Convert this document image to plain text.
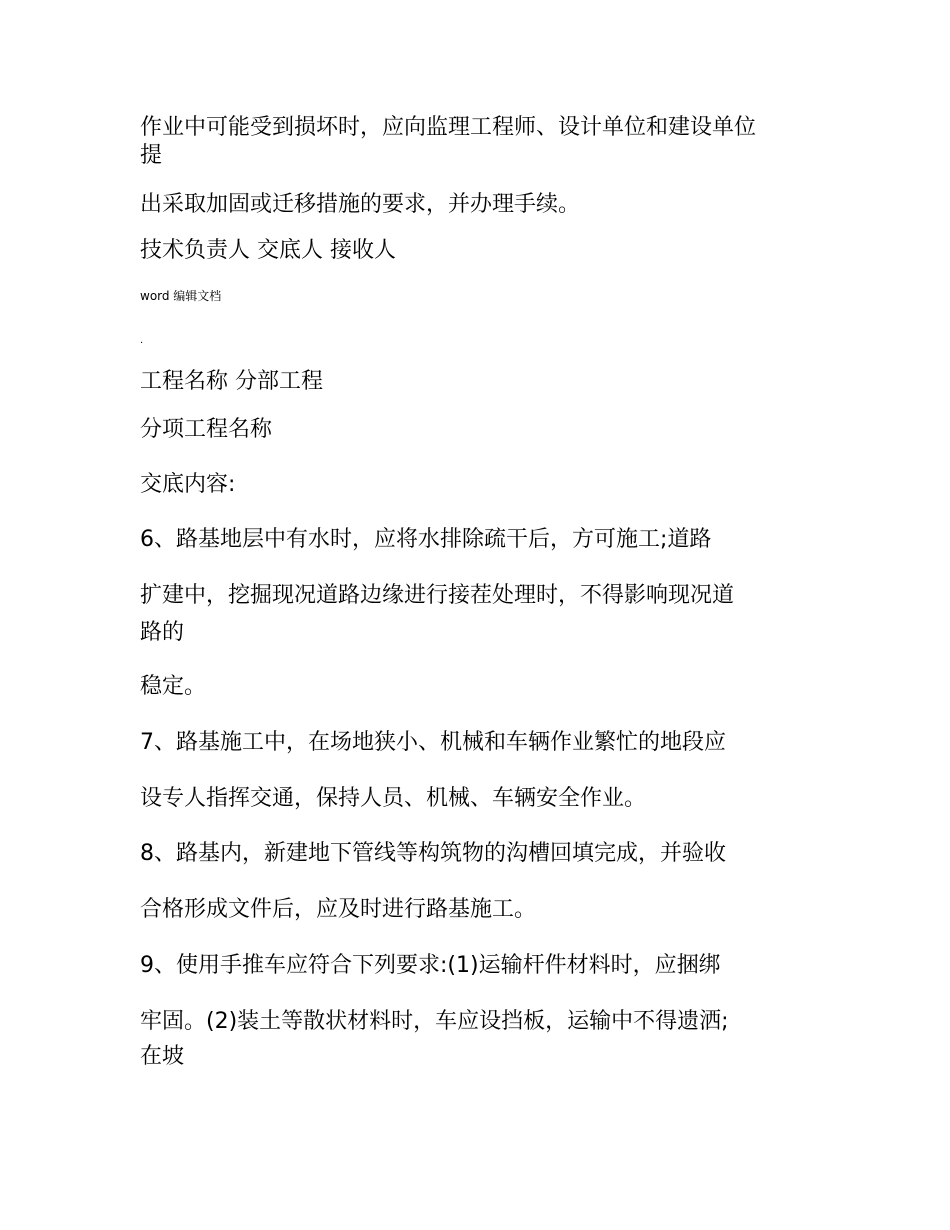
作业中可能受到损坏时，应向监理工程师、设计单位和建设单位
提
出采取加固或迁移措施的要求，并办理手续。
技术负责人 交底人 接收人
word 编辑文档
.
工程名称 分部工程
分项工程名称
交底内容:
6、路基地层中有水时，应将水排除疏干后，方可施工;道路
扩建中，挖掘现况道路边缘进行接茬处理时，不得影响现况道
路的
稳定。
7、路基施工中，在场地狭小、机械和车辆作业繁忙的地段应
设专人指挥交通，保持人员、机械、车辆安全作业。
8、路基内，新建地下管线等构筑物的沟槽回填完成，并验收
合格形成文件后，应及时进行路基施工。
9、使用手推车应符合下列要求:(1)运输杆件材料时，应捆绑
牢固。(2)装土等散状材料时，车应设挡板，运输中不得遗洒;
在坡
